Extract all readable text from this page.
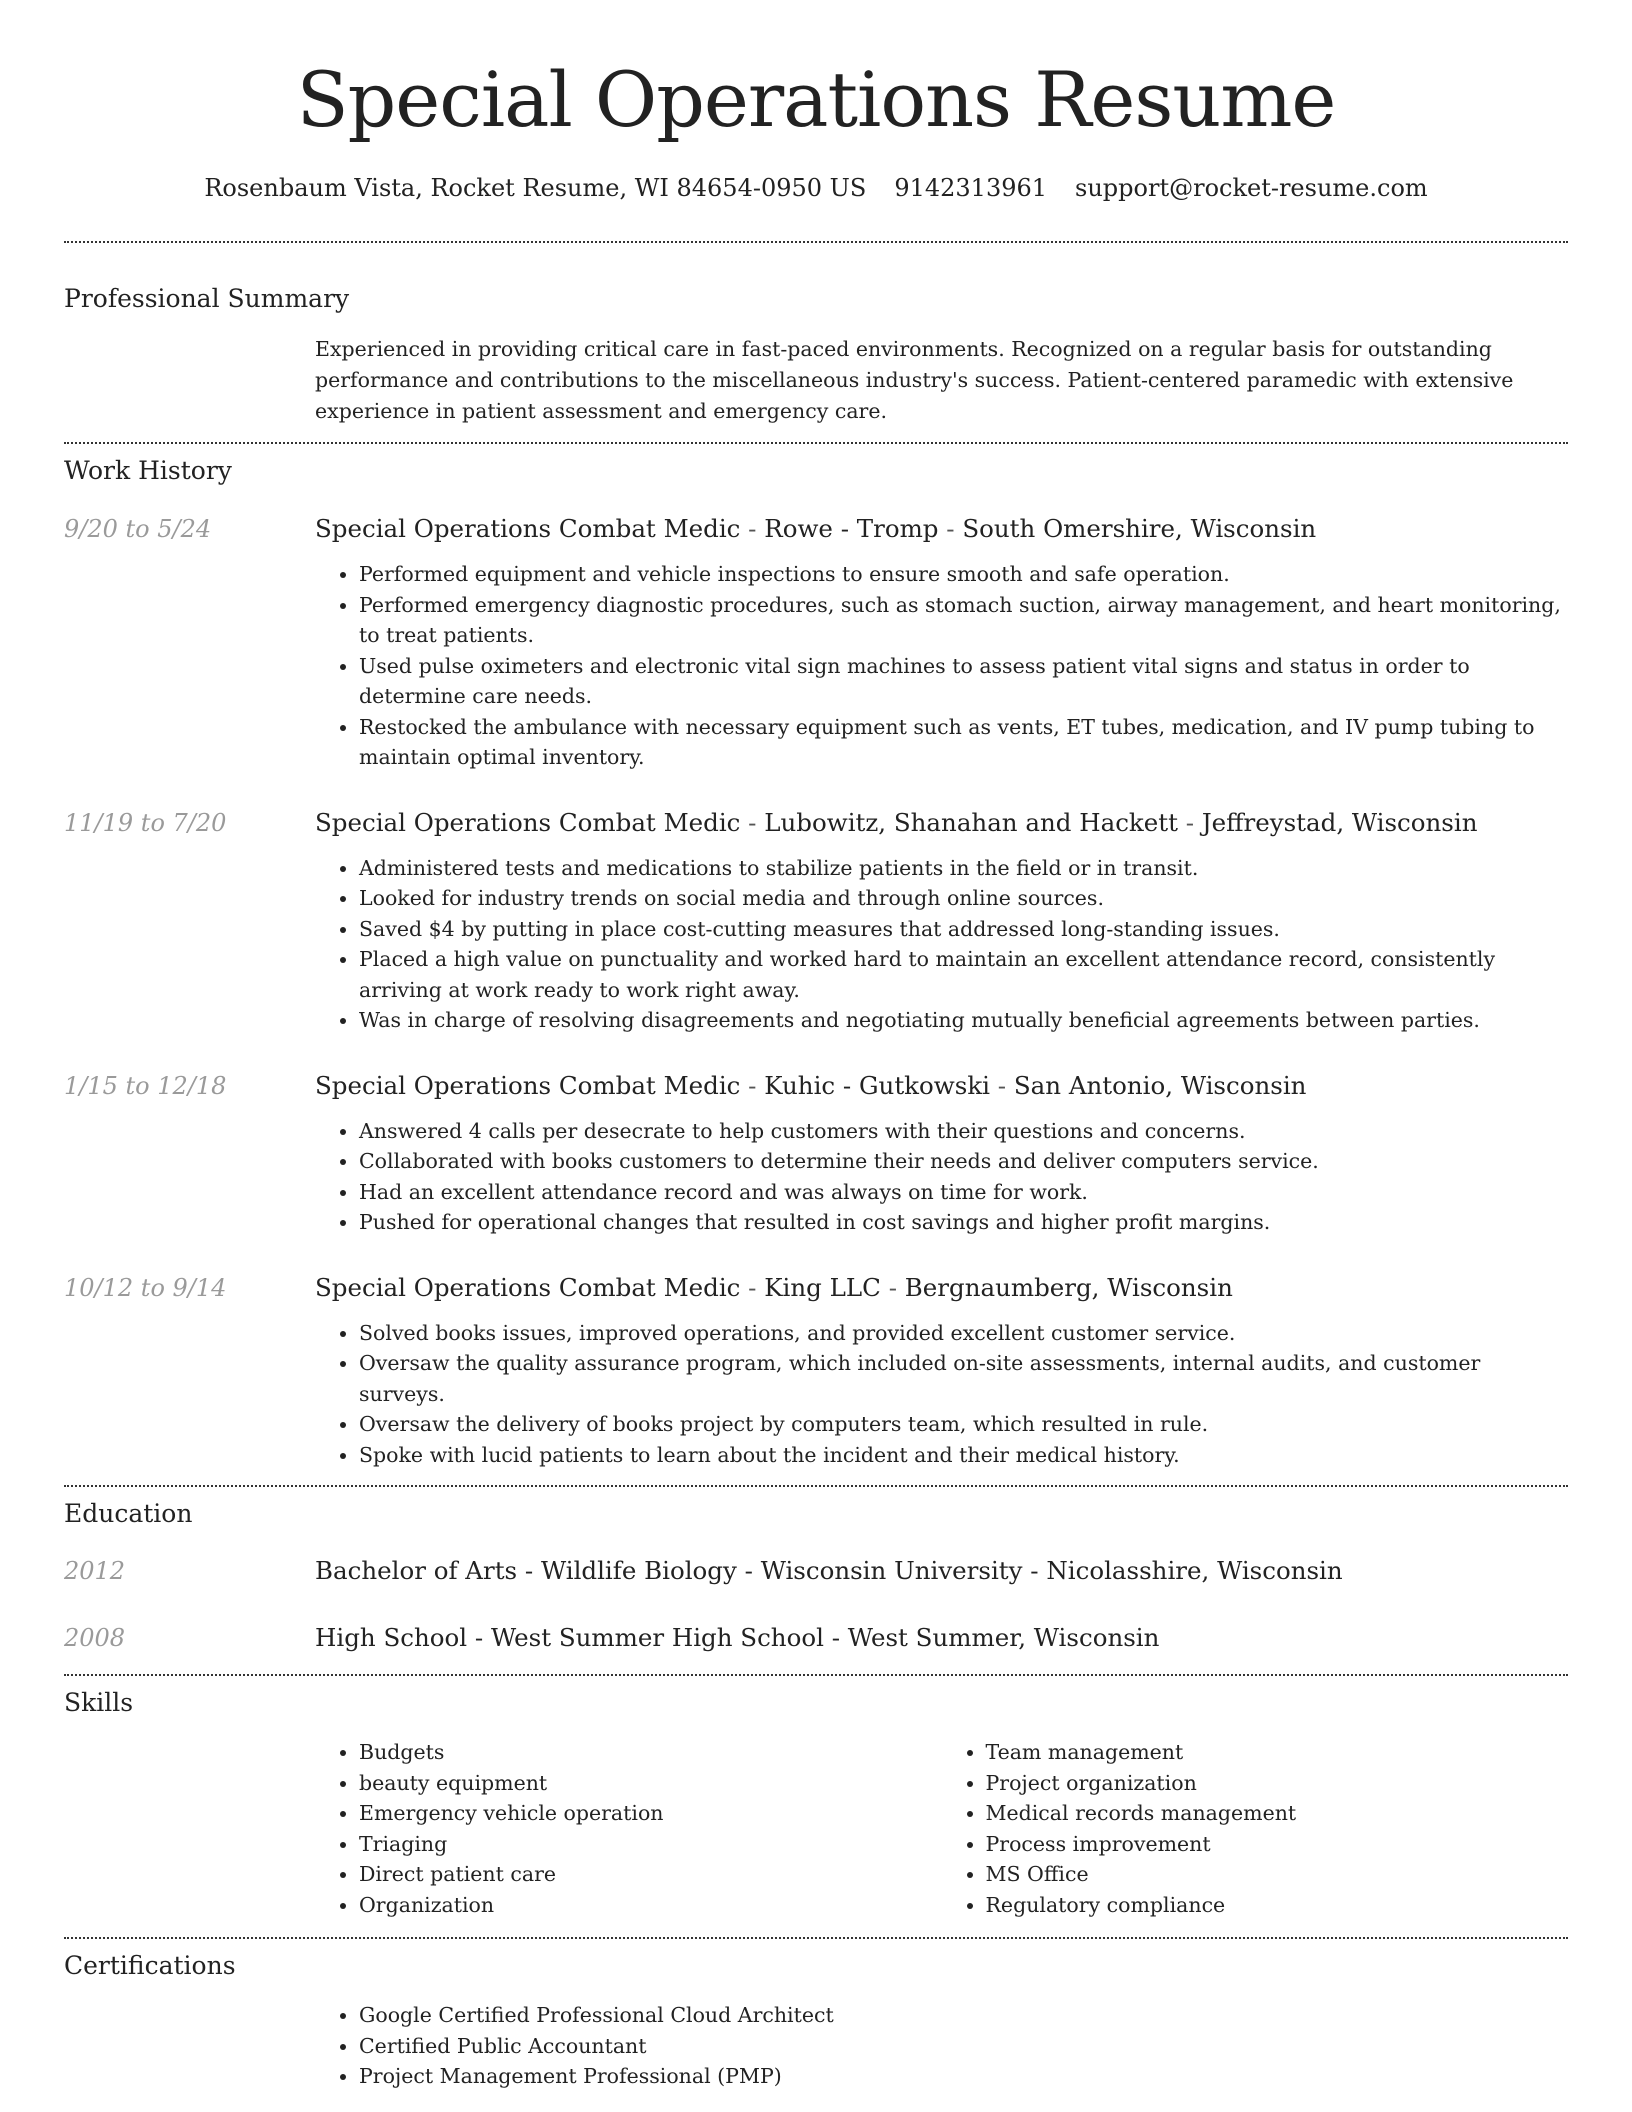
Special Operations Resume
Rosenbaum Vista, Rocket Resume, WI 84654-0950 US 9142313961 support@rocket-resume.com
Professional Summary

Experienced in providing critical care in fast-paced environments. Recognized on a regular basis for outstanding performance and contributions to the miscellaneous industry's success. Patient-centered paramedic with extensive experience in patient assessment and emergency care.

Work History
9/20 to 5/24	Special Operations Combat Medic - Rowe - Tromp - South Omershire, Wisconsin

• Performed equipment and vehicle inspections to ensure smooth and safe operation.
• Performed emergency diagnostic procedures, such as stomach suction, airway management, and heart monitoring, to treat patients.
• Used pulse oximeters and electronic vital sign machines to assess patient vital signs and status in order to determine care needs.
• Restocked the ambulance with necessary equipment such as vents, ET tubes, medication, and IV pump tubing to maintain optimal inventory.
11/19 to 7/20	Special Operations Combat Medic - Lubowitz, Shanahan and Hackett - Jeffreystad, Wisconsin

• Administered tests and medications to stabilize patients in the field or in transit.
• Looked for industry trends on social media and through online sources.
• Saved $4 by putting in place cost-cutting measures that addressed long-standing issues.
• Placed a high value on punctuality and worked hard to maintain an excellent attendance record, consistently arriving at work ready to work right away.
• Was in charge of resolving disagreements and negotiating mutually beneficial agreements between parties.
1/15 to 12/18	Special Operations Combat Medic - Kuhic - Gutkowski - San Antonio, Wisconsin

• Answered 4 calls per desecrate to help customers with their questions and concerns.
• Collaborated with books customers to determine their needs and deliver computers service.
• Had an excellent attendance record and was always on time for work.
• Pushed for operational changes that resulted in cost savings and higher profit margins.
10/12 to 9/14	Special Operations Combat Medic - King LLC - Bergnaumberg, Wisconsin

• Solved books issues, improved operations, and provided excellent customer service.
• Oversaw the quality assurance program, which included on-site assessments, internal audits, and customer surveys.
• Oversaw the delivery of books project by computers team, which resulted in rule.
• Spoke with lucid patients to learn about the incident and their medical history.
Education
2012	Bachelor of Arts - Wildlife Biology - Wisconsin University - Nicolasshire, Wisconsin

2008	High School - West Summer High School - West Summer, Wisconsin

Skills
• Budgets
• beauty equipment
• Emergency vehicle operation
• Triaging
• Direct patient care
• Organization
• Team management
• Project organization
• Medical records management
• Process improvement
• MS Office
• Regulatory compliance
Certifications
• Google Certified Professional Cloud Architect
• Certified Public Accountant
• Project Management Professional (PMP)
